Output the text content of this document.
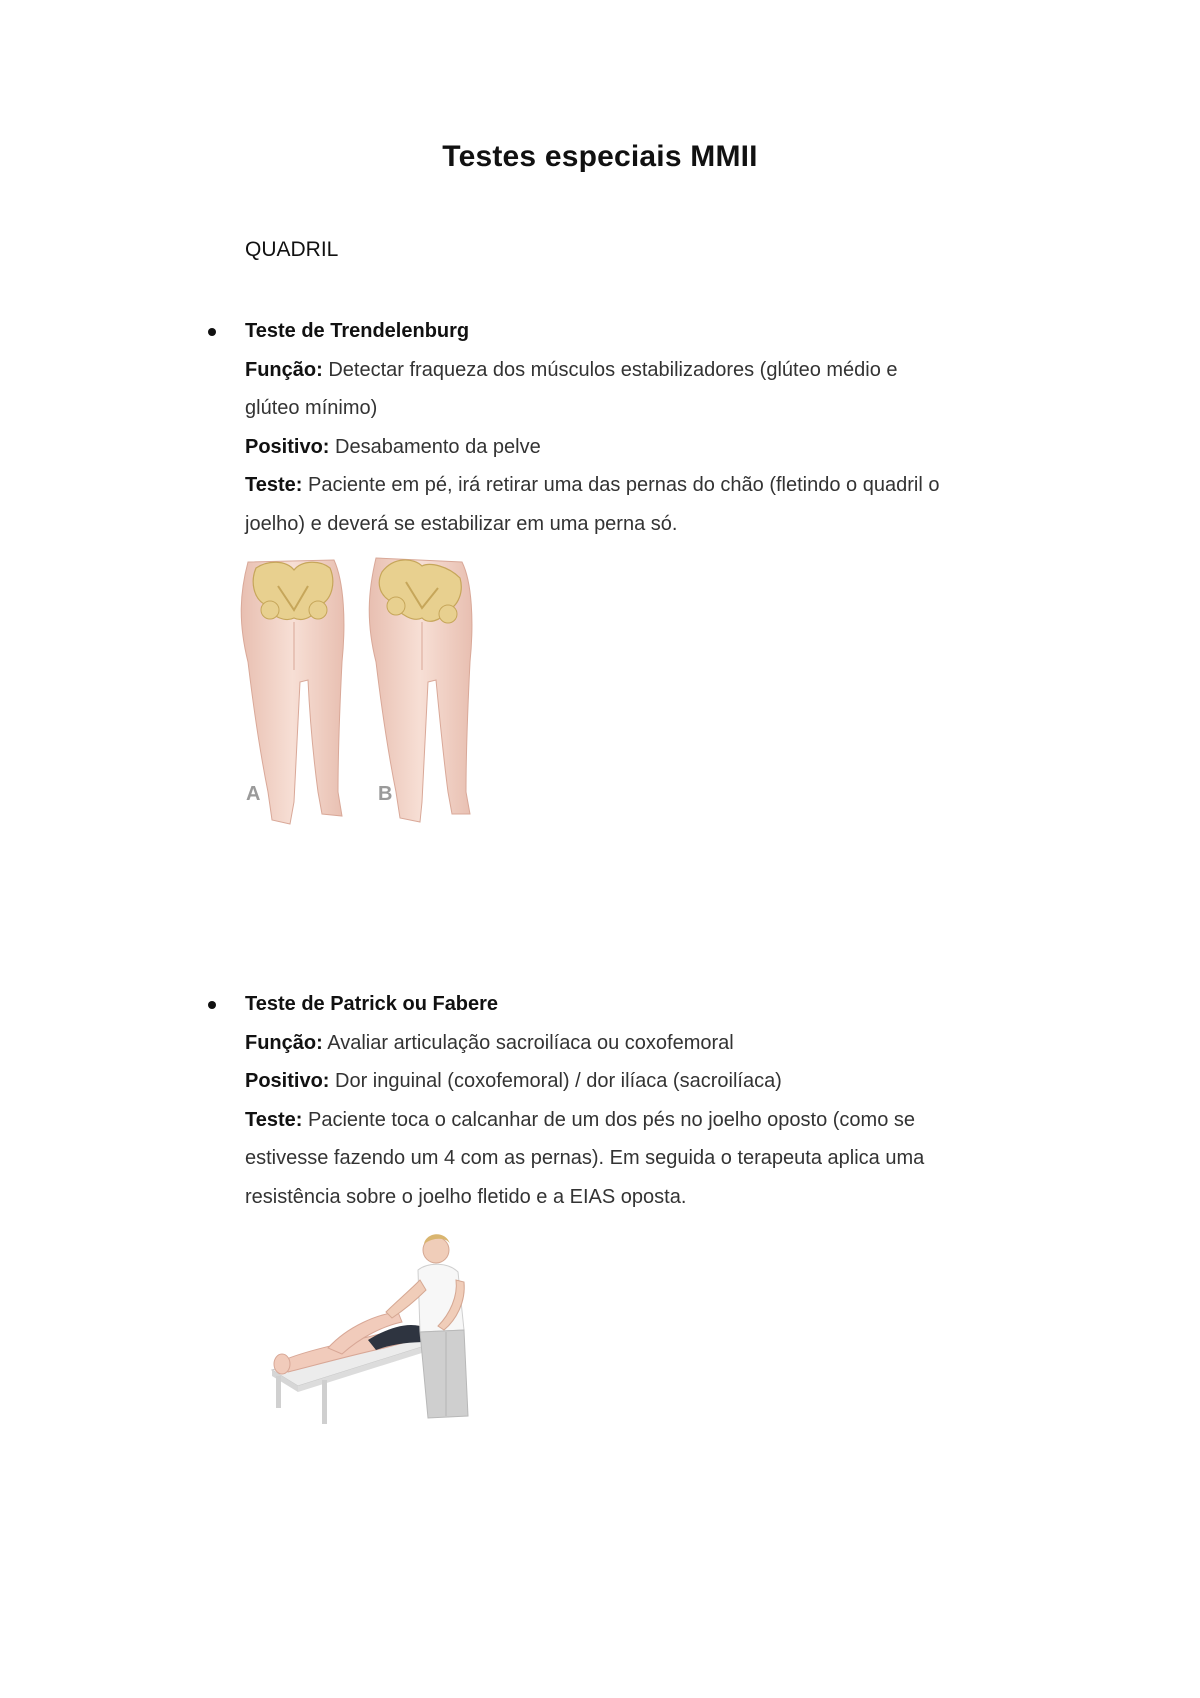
Testes especiais MMII
QUADRIL

Teste de Trendelenburg

Função: Detectar fraqueza dos músculos estabilizadores (glúteo médio e

glúteo mínimo)

Positivo: Desabamento da pelve

Teste: Paciente em pé, irá retirar uma das pernas do chão (fletindo o quadril o

joelho) e deverá se estabilizar em uma perna só.

A	B

Teste de Patrick ou Fabere

Função: Avaliar articulação sacroilíaca ou coxofemoral

Positivo: Dor inguinal (coxofemoral) / dor ilíaca (sacroilíaca)

Teste: Paciente toca o calcanhar de um dos pés no joelho oposto (como se

estivesse fazendo um 4 com as pernas). Em seguida o terapeuta aplica uma

resistência sobre o joelho fletido e a EIAS oposta.
